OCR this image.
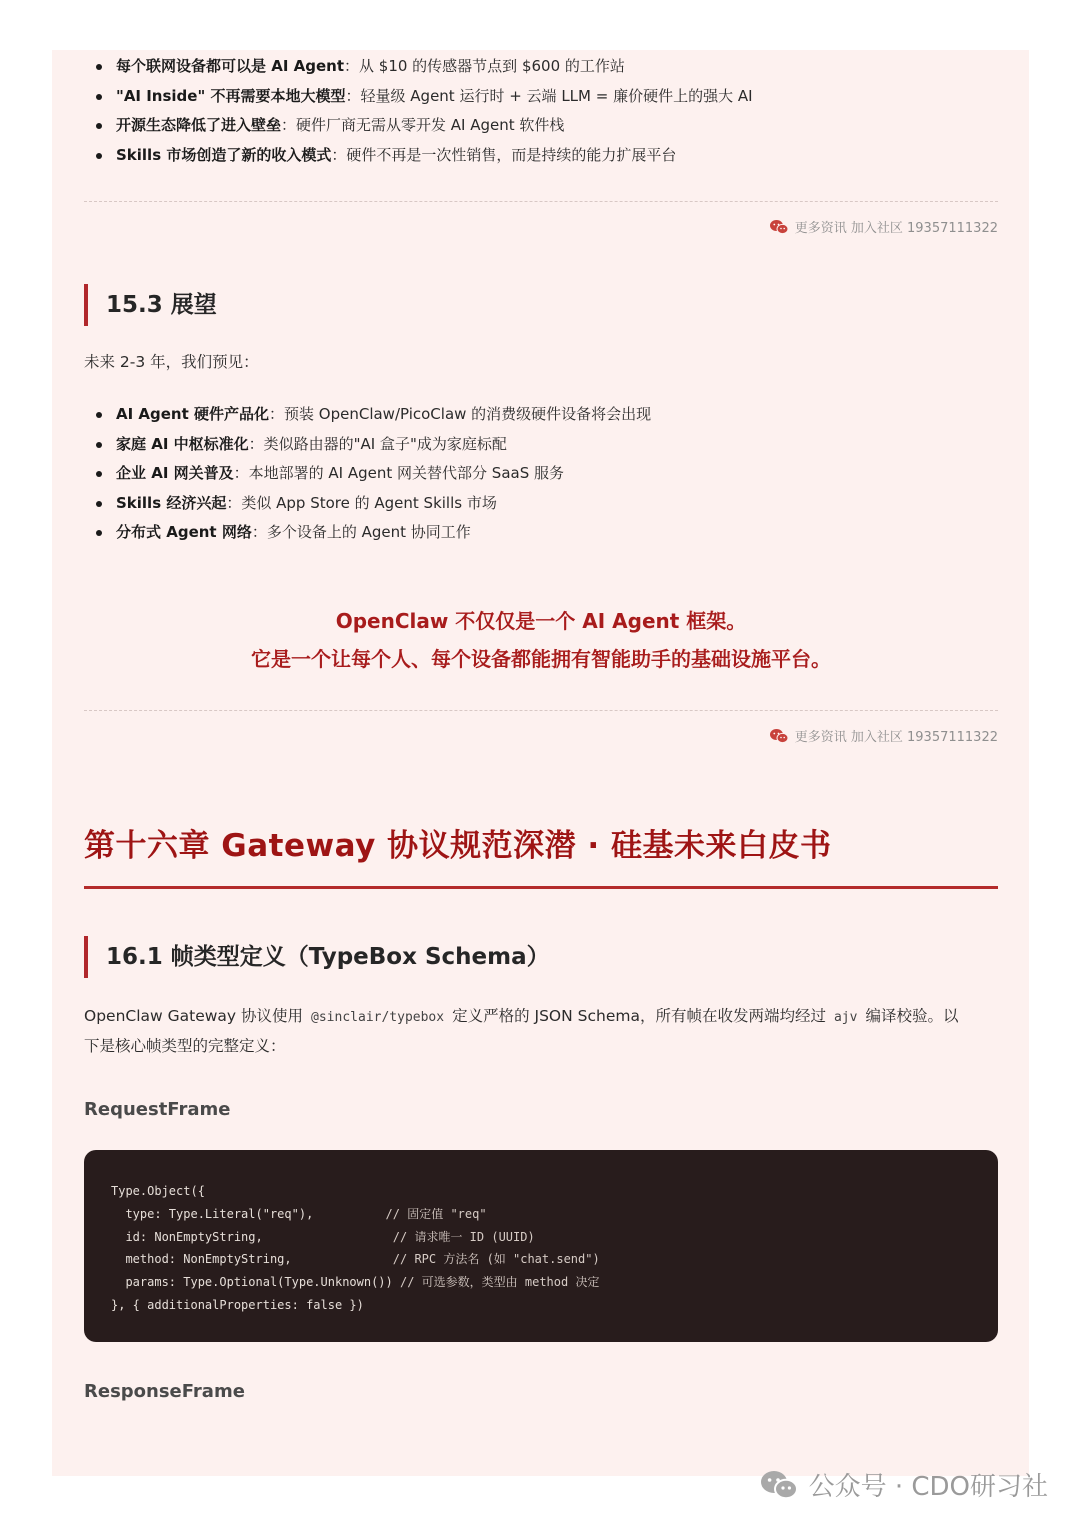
每个联网设备都可以是 AI Agent：从 $10 的传感器节点到 $600 的工作站
"AI Inside" 不再需要本地大模型：轻量级 Agent 运行时 + 云端 LLM = 廉价硬件上的强大 AI
开源生态降低了进入壁垒：硬件厂商无需从零开发 AI Agent 软件栈
Skills 市场创造了新的收入模式：硬件不再是一次性销售，而是持续的能力扩展平台
更多资讯 加入社区 19357111322
15.3 展望
未来 2-3 年，我们预见：
AI Agent 硬件产品化：预装 OpenClaw/PicoClaw 的消费级硬件设备将会出现
家庭 AI 中枢标准化：类似路由器的"AI 盒子"成为家庭标配
企业 AI 网关普及：本地部署的 AI Agent 网关替代部分 SaaS 服务
Skills 经济兴起：类似 App Store 的 Agent Skills 市场
分布式 Agent 网络：多个设备上的 Agent 协同工作
OpenClaw 不仅仅是一个 AI Agent 框架。
它是一个让每个人、每个设备都能拥有智能助手的基础设施平台。
更多资讯 加入社区 19357111322
第十六章 Gateway 协议规范深潜 · 硅基未来白皮书
16.1 帧类型定义（TypeBox Schema）
OpenClaw Gateway 协议使用 @sinclair/typebox 定义严格的 JSON Schema，所有帧在收发两端均经过 ajv 编译校验。以
下是核心帧类型的完整定义：
RequestFrame
Type.Object({
type: Type.Literal("req"),          // 固定值 "req"
id: NonEmptyString,                  // 请求唯一 ID (UUID)
method: NonEmptyString,              // RPC 方法名 (如 "chat.send")
params: Type.Optional(Type.Unknown()) // 可选参数，类型由 method 决定
}, { additionalProperties: false })
ResponseFrame
公众号 · CDO研习社
